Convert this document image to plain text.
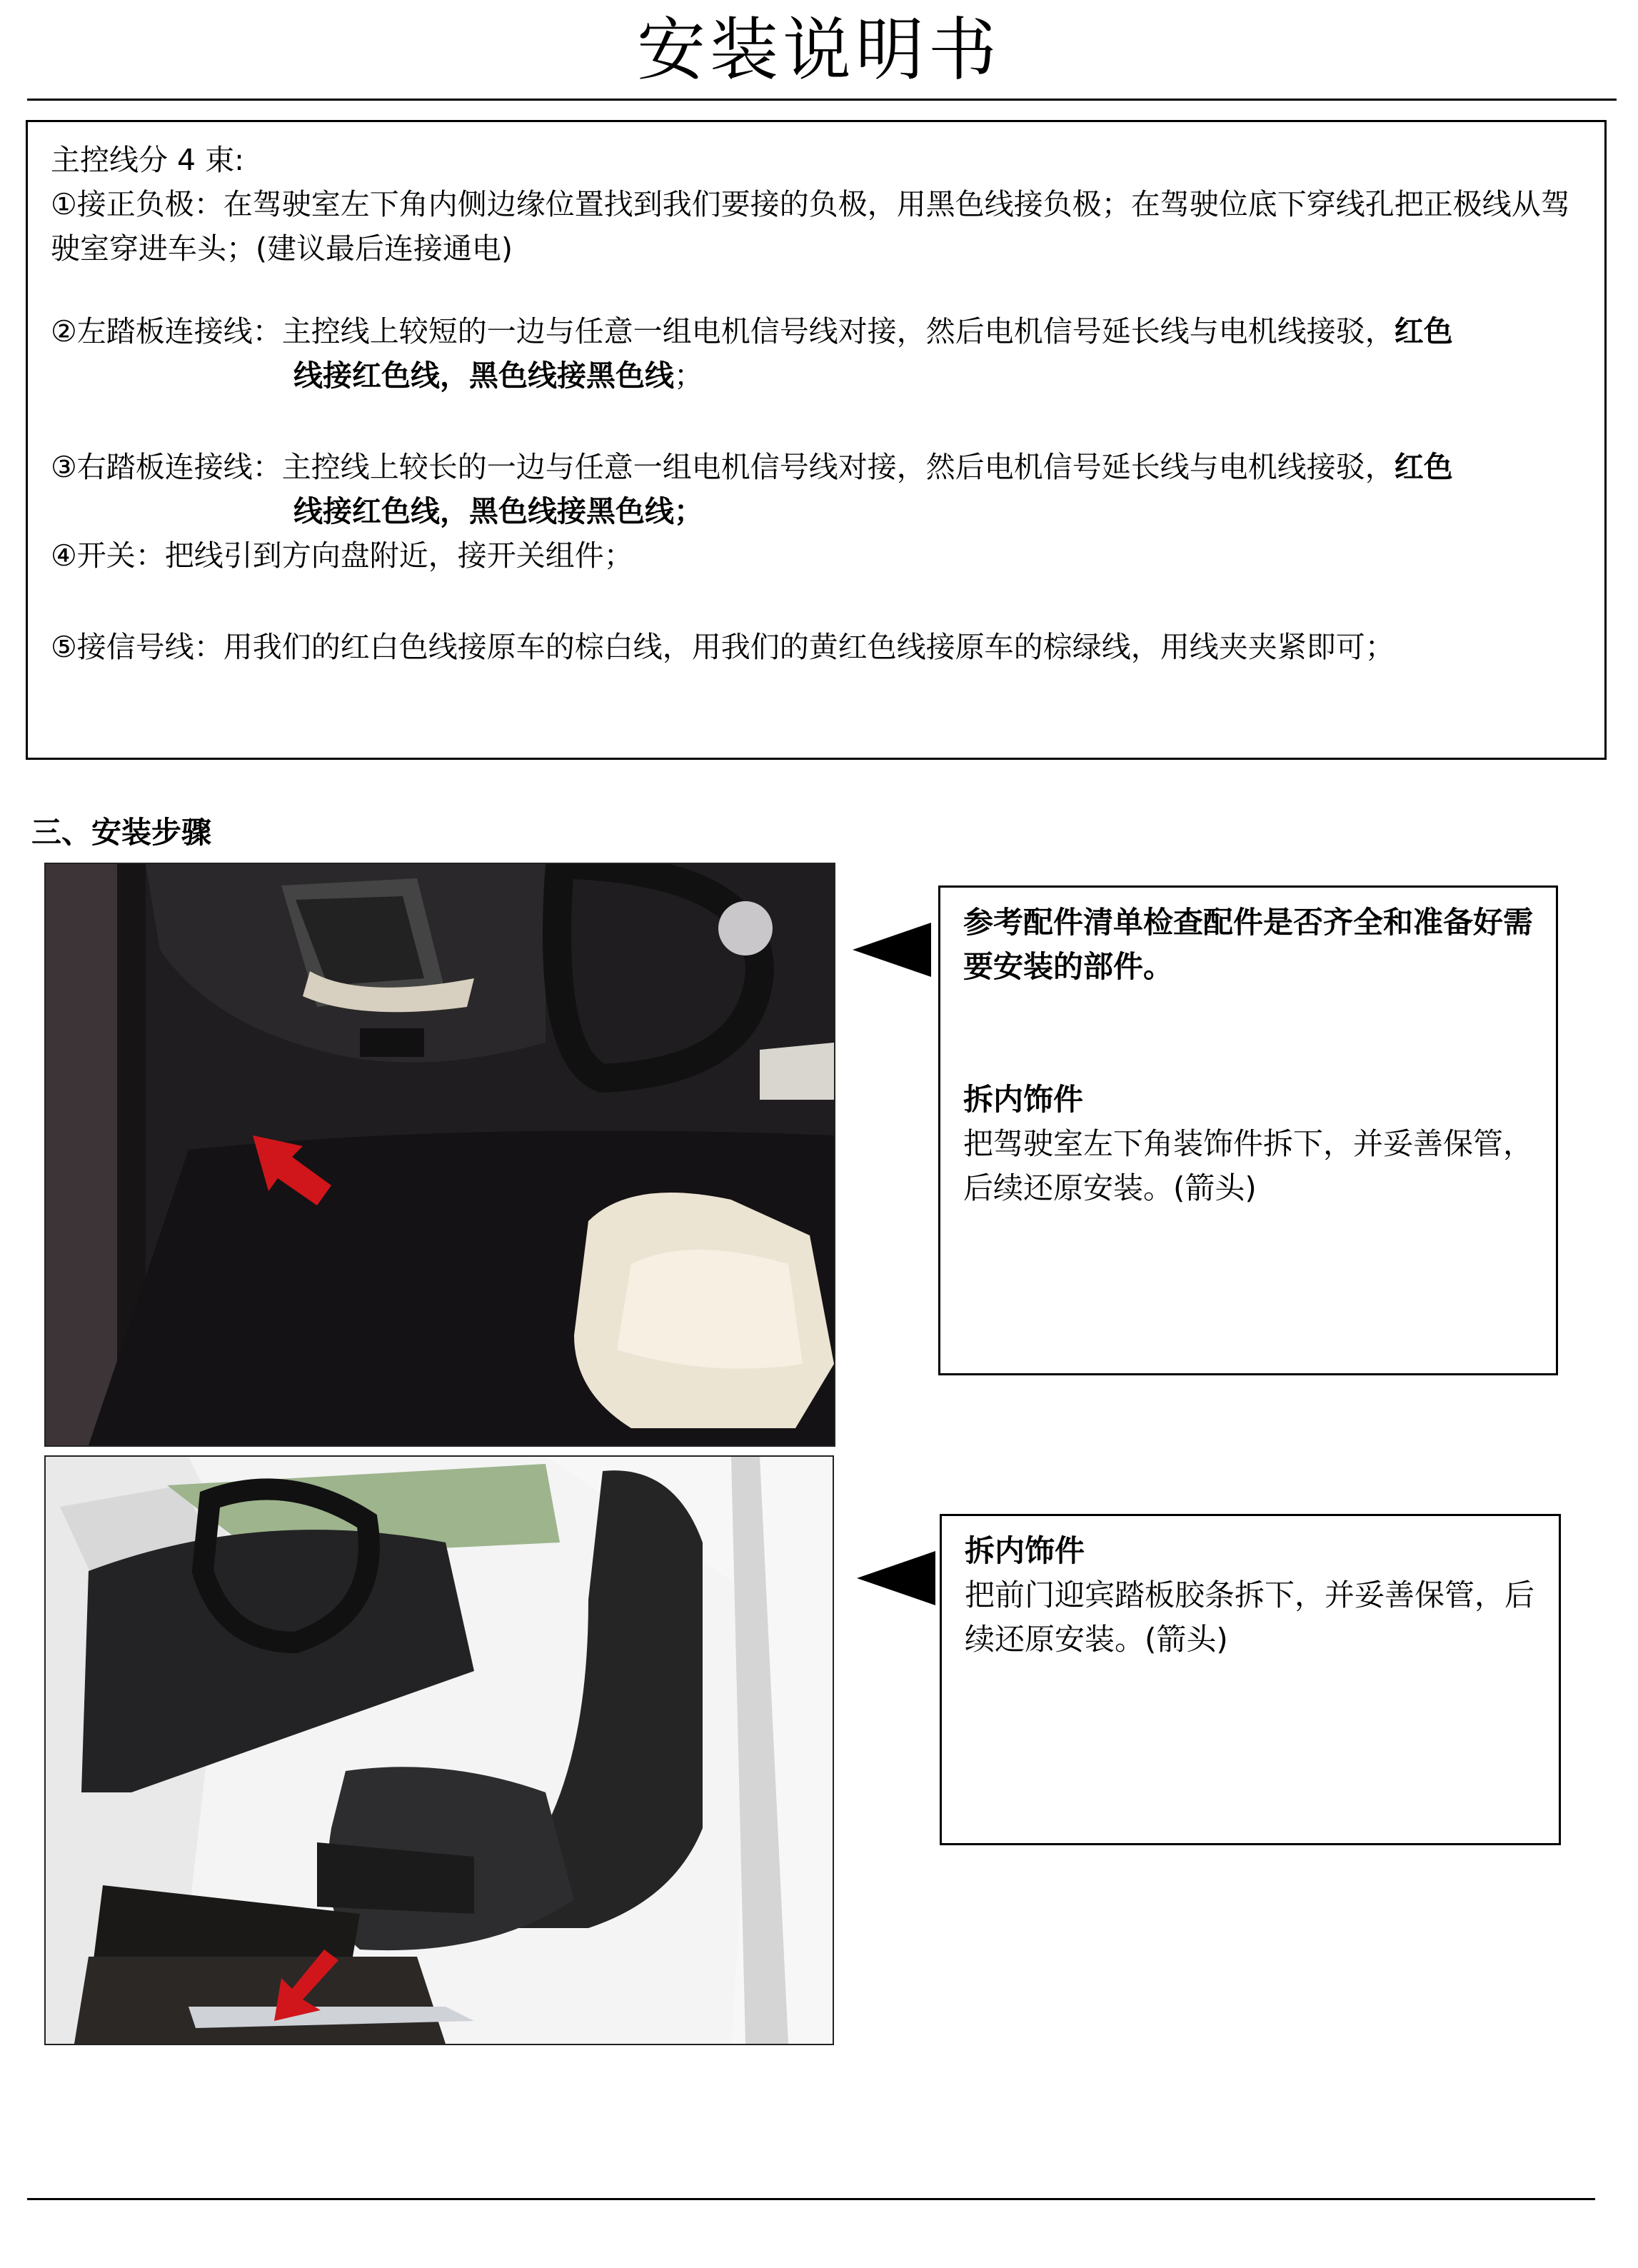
安装说明书

主控线分 4 束:

①接正负极：在驾驶室左下角内侧边缘位置找到我们要接的负极，用黑色线接负极；在驾驶位底下穿线孔把正极线从驾驶室穿进车头；(建议最后连接通电)

②左踏板连接线：主控线上较短的一边与任意一组电机信号线对接，然后电机信号延长线与电机线接驳，红色

线接红色线，黑色线接黑色线；

③右踏板连接线：主控线上较长的一边与任意一组电机信号线对接，然后电机信号延长线与电机线接驳，红色

线接红色线，黑色线接黑色线；

④开关：把线引到方向盘附近，接开关组件；

⑤接信号线：用我们的红白色线接原车的棕白线，用我们的黄红色线接原车的棕绿线，用线夹夹紧即可；

三、安装步骤

参考配件清单检查配件是否齐全和准备好需要安装的部件。

拆内饰件

把驾驶室左下角装饰件拆下，并妥善保管，后续还原安装。(箭头)

拆内饰件

把前门迎宾踏板胶条拆下，并妥善保管，后续还原安装。(箭头)
